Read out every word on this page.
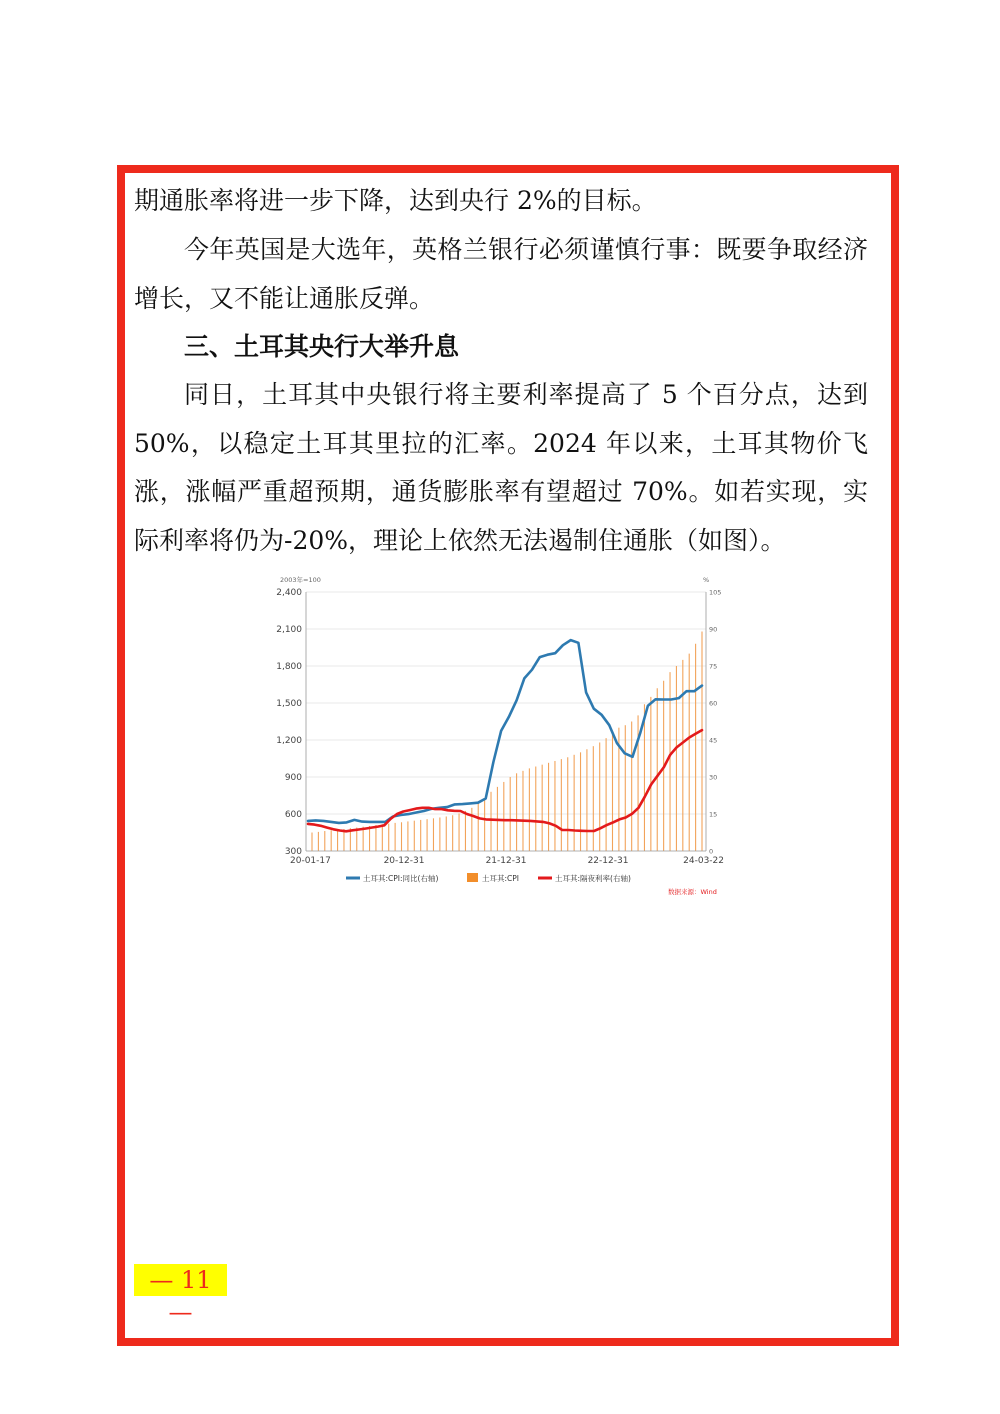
期通胀率将进一步下降，达到央行 2%的目标。

今年英国是大选年，英格兰银行必须谨慎行事：既要争取经济增长，又不能让通胀反弹。

三、土耳其央行大举升息

同日，土耳其中央银行将主要利率提高了 5 个百分点，达到 50%，以稳定土耳其里拉的汇率。2024 年以来，土耳其物价飞涨，涨幅严重超预期，通货膨胀率有望超过 70%。如若实现，实际利率将仍为-20%，理论上依然无法遏制住通胀（如图）。

2003年=100	%
2,400	105
2,100	90
1,800	75
1,500	60
1,200	45
900	30
600	15
300	0
20-01-17	20-12-31	21-12-31	22-12-31	24-03-22
土耳其:CPI:同比(右轴)	土耳其:CPI	土耳其:隔夜利率(右轴)
数据来源：Wind
— 11 —
